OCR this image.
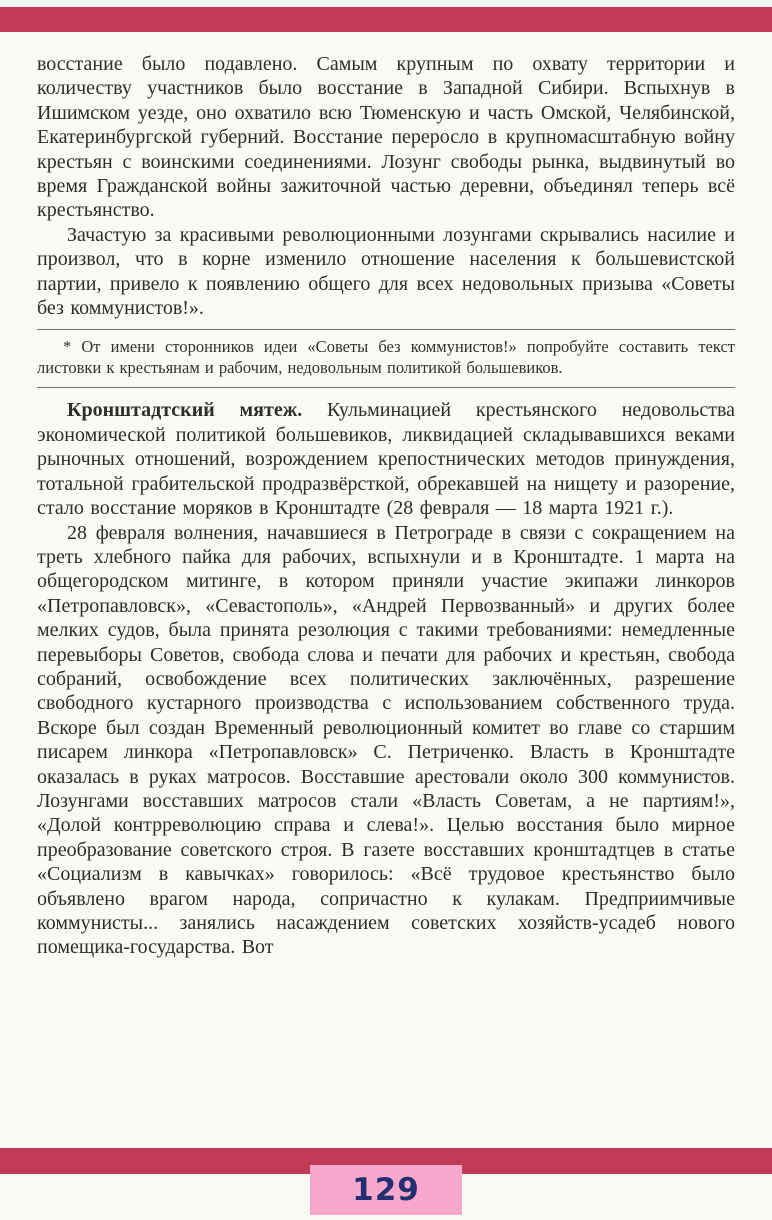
восстание было подавлено. Самым крупным по охвату территории и количеству участников было восстание в Западной Сибири. Вспыхнув в Ишимском уезде, оно охватило всю Тюменскую и часть Омской, Челябинской, Екатеринбургской губерний. Восстание переросло в крупномасштабную войну крестьян с воинскими соединениями. Лозунг свободы рынка, выдвинутый во время Гражданской войны зажиточной частью деревни, объединял теперь всё крестьянство.

Зачастую за красивыми революционными лозунгами скрывались насилие и произвол, что в корне изменило отношение населения к большевистской партии, привело к появлению общего для всех недовольных призыва «Советы без коммунистов!».

* От имени сторонников идеи «Советы без коммунистов!» попробуйте составить текст листовки к крестьянам и рабочим, недовольным политикой большевиков.

Кронштадтский мятеж. Кульминацией крестьянского недовольства экономической политикой большевиков, ликвидацией складывавшихся веками рыночных отношений, возрождением крепостнических методов принуждения, тотальной грабительской продразвёрсткой, обрекавшей на нищету и разорение, стало восстание моряков в Кронштадте (28 февраля — 18 марта 1921 г.).

28 февраля волнения, начавшиеся в Петрограде в связи с сокращением на треть хлебного пайка для рабочих, вспыхнули и в Кронштадте. 1 марта на общегородском митинге, в котором приняли участие экипажи линкоров «Петропавловск», «Севастополь», «Андрей Первозванный» и других более мелких судов, была принята резолюция с такими требованиями: немедленные перевыборы Советов, свобода слова и печати для рабочих и крестьян, свобода собраний, освобождение всех политических заключённых, разрешение свободного кустарного производства с использованием собственного труда. Вскоре был создан Временный революционный комитет во главе со старшим писарем линкора «Петропавловск» С. Петриченко. Власть в Кронштадте оказалась в руках матросов. Восставшие арестовали около 300 коммунистов. Лозунгами восставших матросов стали «Власть Советам, а не партиям!», «Долой контрреволюцию справа и слева!». Целью восстания было мирное преобразование советского строя. В газете восставших кронштадтцев в статье «Социализм в кавычках» говорилось: «Всё трудовое крестьянство было объявлено врагом народа, сопричастно к кулакам. Предприимчивые коммунисты... занялись насаждением советских хозяйств-усадеб нового помещика-государства. Вот

129
